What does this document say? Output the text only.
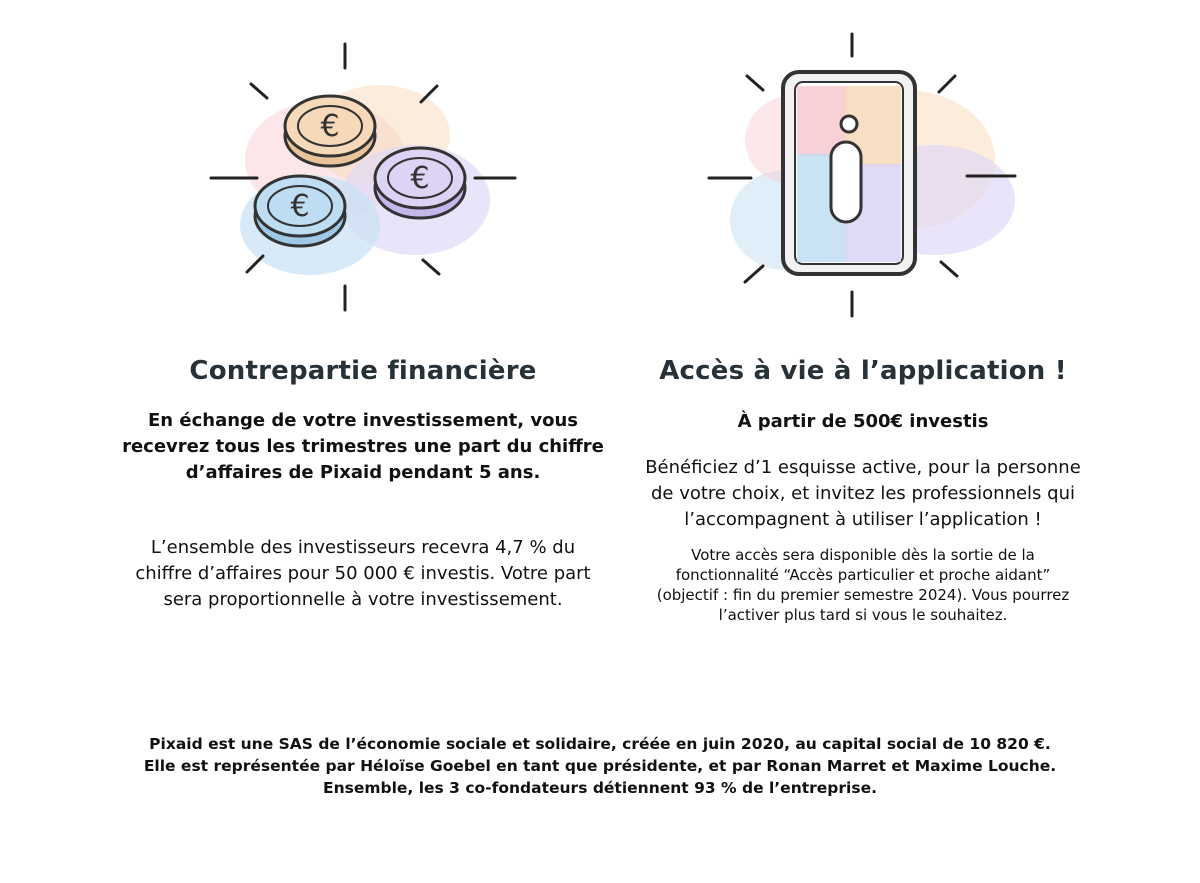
€
€
€
Contrepartie financière

En échange de votre investissement, vous recevrez tous les trimestres une part du chiffre d’affaires de Pixaid pendant 5 ans.

L’ensemble des investisseurs recevra 4,7 % du chiffre d’affaires pour 50 000 € investis. Votre part sera proportionnelle à votre investissement.

Accès à vie à l’application !

À partir de 500€ investis

Bénéficiez d’1 esquisse active, pour la personne de votre choix, et invitez les professionnels qui l’accompagnent à utiliser l’application !

Votre accès sera disponible dès la sortie de la fonctionnalité “Accès particulier et proche aidant” (objectif : fin du premier semestre 2024). Vous pourrez l’activer plus tard si vous le souhaitez.

Pixaid est une SAS de l’économie sociale et solidaire, créée en juin 2020, au capital social de 10 820 €.
Elle est représentée par Héloïse Goebel en tant que présidente, et par Ronan Marret et Maxime Louche.
Ensemble, les 3 co-fondateurs détiennent 93 % de l’entreprise.
